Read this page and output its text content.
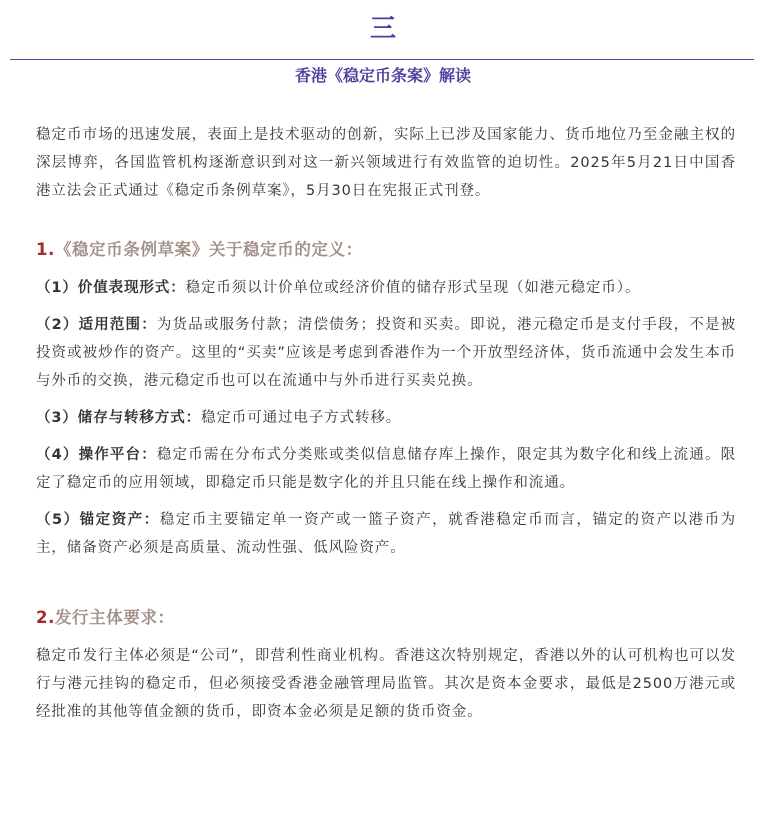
三
香港《稳定币条案》解读

稳定币市场的迅速发展，表面上是技术驱动的创新，实际上已涉及国家能力、货币地位乃至金融主权的深层博弈，各国监管机构逐渐意识到对这一新兴领域进行有效监管的迫切性。2025年5月21日中国香港立法会正式通过《稳定币条例草案》，5月30日在宪报正式刊登。

1.《稳定币条例草案》关于稳定币的定义：

（1）价值表现形式：稳定币须以计价单位或经济价值的储存形式呈现（如港元稳定币）。

（2）适用范围：为货品或服务付款；清偿债务；投资和买卖。即说，港元稳定币是支付手段，不是被投资或被炒作的资产。这里的“买卖”应该是考虑到香港作为一个开放型经济体，货币流通中会发生本币与外币的交换，港元稳定币也可以在流通中与外币进行买卖兑换。

（3）储存与转移方式：稳定币可通过电子方式转移。

（4）操作平台：稳定币需在分布式分类账或类似信息储存库上操作，限定其为数字化和线上流通。限定了稳定币的应用领域，即稳定币只能是数字化的并且只能在线上操作和流通。

（5）锚定资产：稳定币主要锚定单一资产或一篮子资产，就香港稳定币而言，锚定的资产以港币为主，储备资产必须是高质量、流动性强、低风险资产。

2.发行主体要求：

稳定币发行主体必须是“公司”，即营利性商业机构。香港这次特别规定，香港以外的认可机构也可以发行与港元挂钩的稳定币，但必须接受香港金融管理局监管。其次是资本金要求，最低是2500万港元或经批准的其他等值金额的货币，即资本金必须是足额的货币资金。
